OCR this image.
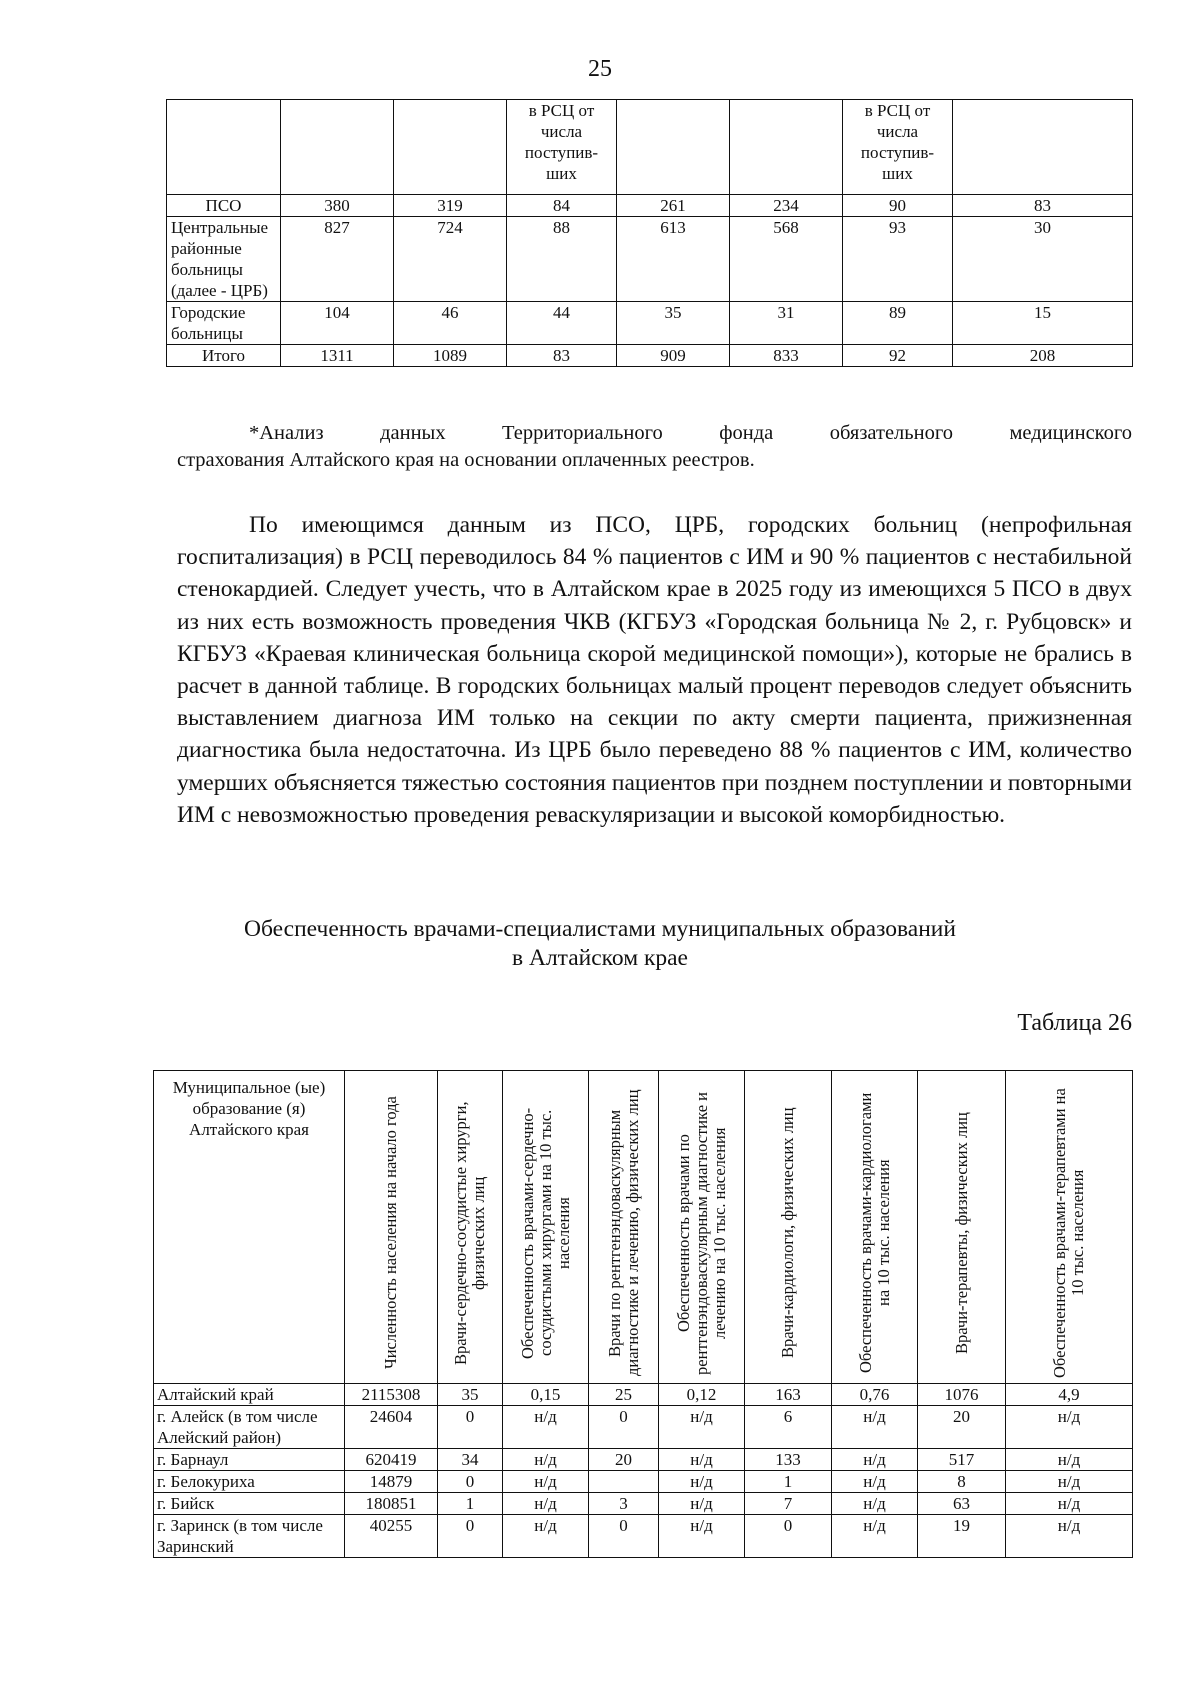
25
			в РСЦ от числа поступив-ших			в РСЦ от числа поступив-ших	
ПСО	380	319	84	261	234	90	83
Центральные районные больницы (далее - ЦРБ)	827	724	88	613	568	93	30
Городские больницы	104	46	44	35	31	89	15
Итого	1311	1089	83	909	833	92	208
*Анализ данных Территориального фонда обязательного медицинского
страхования Алтайского края на основании оплаченных реестров.
По имеющимся данным из ПСО, ЦРБ, городских больниц (непрофильная госпитализация) в РСЦ переводилось 84 % пациентов с ИМ и 90 % пациентов с нестабильной стенокардией. Следует учесть, что в Алтайском крае в 2025 году из имеющихся 5 ПСО в двух из них есть возможность проведения ЧКВ (КГБУЗ «Городская больница № 2, г. Рубцовск» и КГБУЗ «Краевая клиническая больница скорой медицинской помощи»), которые не брались в расчет в данной таблице. В городских больницах малый процент переводов следует объяснить выставлением диагноза ИМ только на секции по акту смерти пациента, прижизненная диагностика была недостаточна. Из ЦРБ было переведено 88 % пациентов с ИМ, количество умерших объясняется тяжестью состояния пациентов при позднем поступлении и повторными ИМ с невозможностью проведения реваскуляризации и высокой коморбидностью.
Обеспеченность врачами-специалистами муниципальных образований
в Алтайском крае
Таблица 26
Муниципальное (ые) образование (я) Алтайского края	Численность населения на начало года	Врачи-сердечно-сосудистые хирурги, физических лиц	Обеспеченность врачами-сердечно-сосудистыми хирургами на 10 тыс. населения	Врачи по рентгенэндоваскулярным диагностике и лечению, физических лиц	Обеспеченность врачами по рентгенэндоваскулярным диагностике и лечению на 10 тыс. населения	Врачи-кардиологи, физических лиц	Обеспеченность врачами-кардиологами на 10 тыс. населения	Врачи-терапевты, физических лиц	Обеспеченность врачами-терапевтами на 10 тыс. населения

Алтайский край	2115308	35	0,15	25	0,12	163	0,76	1076	4,9
г. Алейск (в том числе Алейский район)	24604	0	н/д	0	н/д	6	н/д	20	н/д
г. Барнаул	620419	34	н/д	20	н/д	133	н/д	517	н/д
г. Белокуриха	14879	0	н/д		н/д	1	н/д	8	н/д
г. Бийск	180851	1	н/д	3	н/д	7	н/д	63	н/д
г. Заринск (в том числе Заринский	40255	0	н/д	0	н/д	0	н/д	19	н/д
